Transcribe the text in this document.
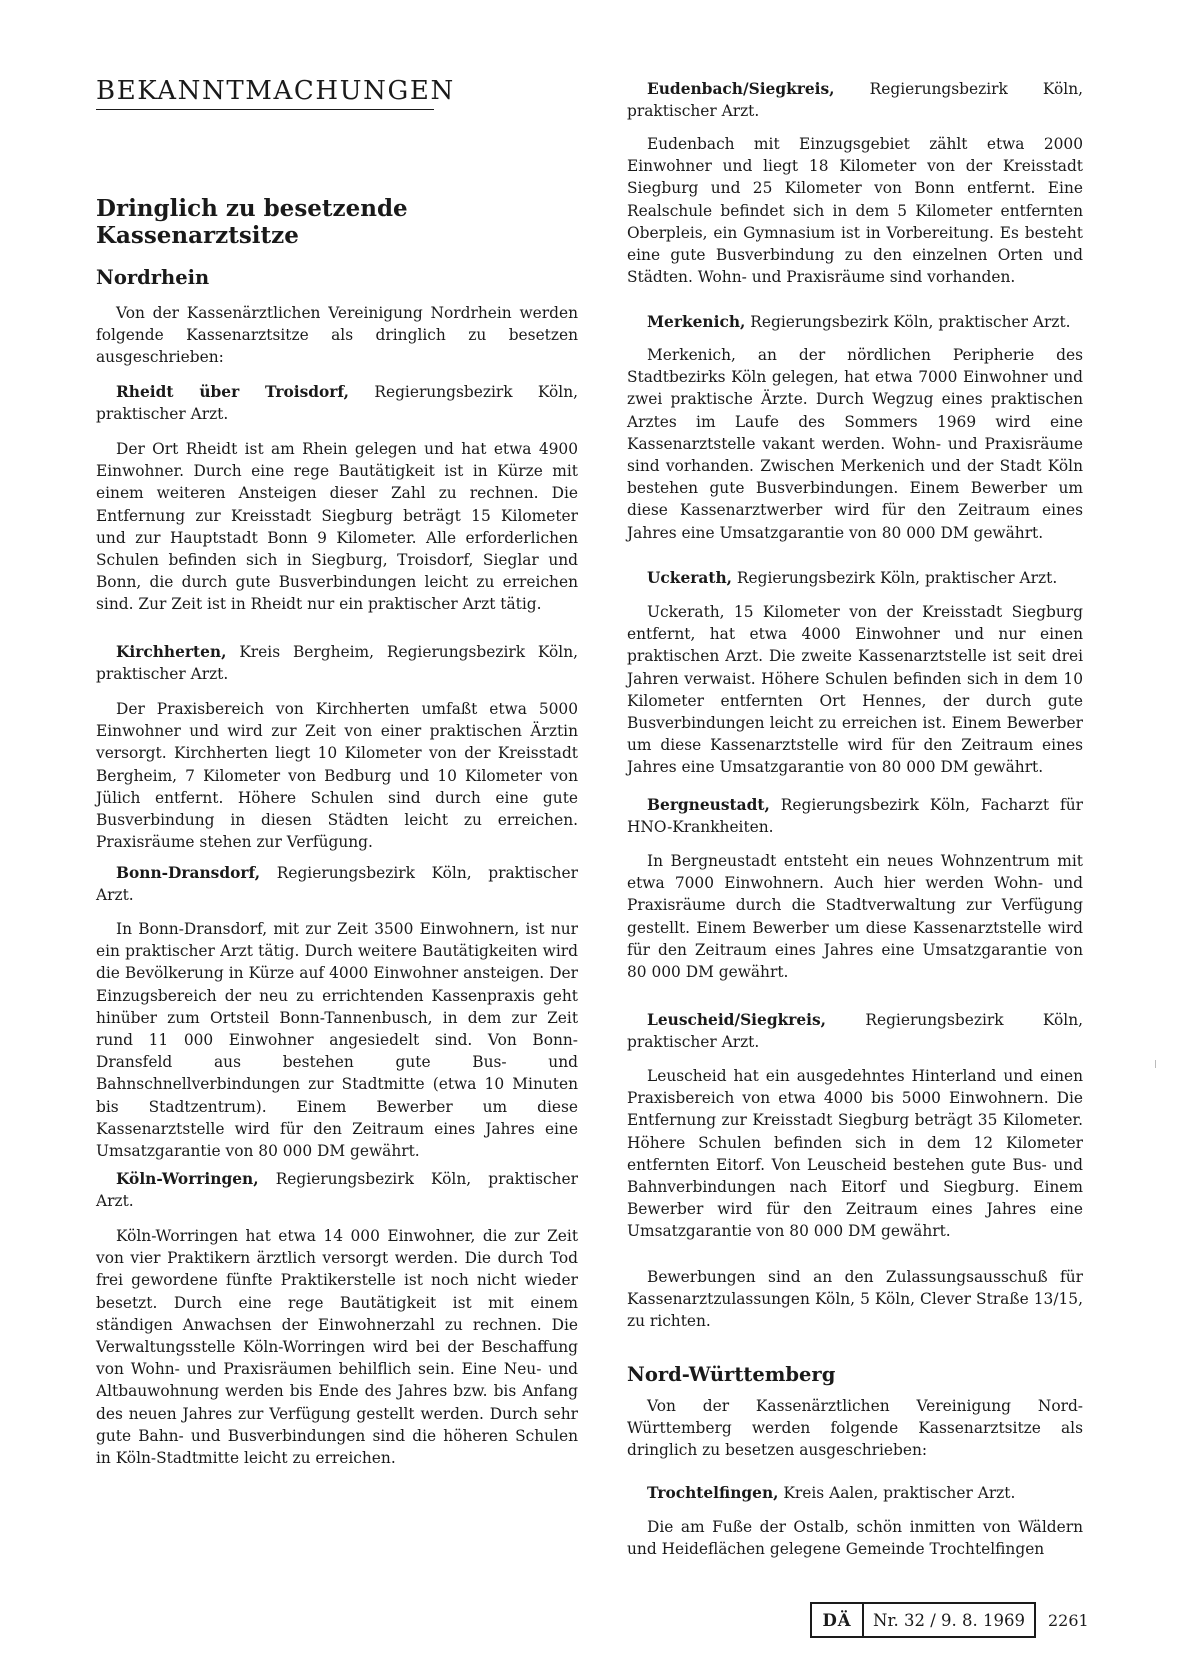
BEKANNTMACHUNGEN
Dringlich zu besetzende
Kassenarztsitze
Nordrhein

Von der Kassenärztlichen Vereinigung Nordrhein werden folgende Kassenarztsitze als dringlich zu besetzen ausgeschrieben:

Rheidt über Troisdorf, Regierungsbezirk Köln, praktischer Arzt.

Der Ort Rheidt ist am Rhein gelegen und hat etwa 4900 Einwohner. Durch eine rege Bautätigkeit ist in Kürze mit einem weiteren Ansteigen dieser Zahl zu rechnen. Die Entfernung zur Kreisstadt Siegburg beträgt 15 Kilometer und zur Hauptstadt Bonn 9 Kilometer. Alle erforderlichen Schulen befinden sich in Siegburg, Troisdorf, Sieglar und Bonn, die durch gute Busverbindungen leicht zu erreichen sind. Zur Zeit ist in Rheidt nur ein praktischer Arzt tätig.

Kirchherten, Kreis Bergheim, Regierungsbezirk Köln, praktischer Arzt.

Der Praxisbereich von Kirchherten umfaßt etwa 5000 Einwohner und wird zur Zeit von einer praktischen Ärztin versorgt. Kirchherten liegt 10 Kilometer von der Kreisstadt Bergheim, 7 Kilometer von Bedburg und 10 Kilometer von Jülich entfernt. Höhere Schulen sind durch eine gute Busverbindung in diesen Städten leicht zu erreichen. Praxisräume stehen zur Verfügung.

Bonn-Dransdorf, Regierungsbezirk Köln, praktischer Arzt.

In Bonn-Dransdorf, mit zur Zeit 3500 Einwohnern, ist nur ein praktischer Arzt tätig. Durch weitere Bautätigkeiten wird die Bevölkerung in Kürze auf 4000 Einwohner ansteigen. Der Einzugsbereich der neu zu errichtenden Kassenpraxis geht hinüber zum Ortsteil Bonn-Tannenbusch, in dem zur Zeit rund 11 000 Einwohner angesiedelt sind. Von Bonn-Dransfeld aus bestehen gute Bus- und Bahnschnellverbindungen zur Stadtmitte (etwa 10 Minuten bis Stadtzentrum). Einem Bewerber um diese Kassenarztstelle wird für den Zeitraum eines Jahres eine Umsatzgarantie von 80 000 DM gewährt.

Köln-Worringen, Regierungsbezirk Köln, praktischer Arzt.

Köln-Worringen hat etwa 14 000 Einwohner, die zur Zeit von vier Praktikern ärztlich versorgt werden. Die durch Tod frei gewordene fünfte Praktikerstelle ist noch nicht wieder besetzt. Durch eine rege Bautätigkeit ist mit einem ständigen Anwachsen der Einwohnerzahl zu rechnen. Die Verwaltungsstelle Köln-Worringen wird bei der Beschaffung von Wohn- und Praxisräumen behilflich sein. Eine Neu- und Altbauwohnung werden bis Ende des Jahres bzw. bis Anfang des neuen Jahres zur Verfügung gestellt werden. Durch sehr gute Bahn- und Busverbindungen sind die höheren Schulen in Köln-Stadtmitte leicht zu erreichen.

Eudenbach/Siegkreis, Regierungsbezirk Köln, praktischer Arzt.

Eudenbach mit Einzugsgebiet zählt etwa 2000 Einwohner und liegt 18 Kilometer von der Kreisstadt Siegburg und 25 Kilometer von Bonn entfernt. Eine Realschule befindet sich in dem 5 Kilometer entfernten Oberpleis, ein Gymnasium ist in Vorbereitung. Es besteht eine gute Busverbindung zu den einzelnen Orten und Städten. Wohn- und Praxisräume sind vorhanden.

Merkenich, Regierungsbezirk Köln, praktischer Arzt.

Merkenich, an der nördlichen Peripherie des Stadtbezirks Köln gelegen, hat etwa 7000 Einwohner und zwei praktische Ärzte. Durch Wegzug eines praktischen Arztes im Laufe des Sommers 1969 wird eine Kassenarztstelle vakant werden. Wohn- und Praxisräume sind vorhanden. Zwischen Merkenich und der Stadt Köln bestehen gute Busverbindungen. Einem Bewerber um diese Kassenarztwerber wird für den Zeitraum eines Jahres eine Umsatzgarantie von 80 000 DM gewährt.

Uckerath, Regierungsbezirk Köln, praktischer Arzt.

Uckerath, 15 Kilometer von der Kreisstadt Siegburg entfernt, hat etwa 4000 Einwohner und nur einen praktischen Arzt. Die zweite Kassenarztstelle ist seit drei Jahren verwaist. Höhere Schulen befinden sich in dem 10 Kilometer entfernten Ort Hennes, der durch gute Busverbindungen leicht zu erreichen ist. Einem Bewerber um diese Kassenarztstelle wird für den Zeitraum eines Jahres eine Umsatzgarantie von 80 000 DM gewährt.

Bergneustadt, Regierungsbezirk Köln, Facharzt für HNO-Krankheiten.

In Bergneustadt entsteht ein neues Wohnzentrum mit etwa 7000 Einwohnern. Auch hier werden Wohn- und Praxisräume durch die Stadtverwaltung zur Verfügung gestellt. Einem Bewerber um diese Kassenarztstelle wird für den Zeitraum eines Jahres eine Umsatzgarantie von 80 000 DM gewährt.

Leuscheid/Siegkreis, Regierungsbezirk Köln, praktischer Arzt.

Leuscheid hat ein ausgedehntes Hinterland und einen Praxisbereich von etwa 4000 bis 5000 Einwohnern. Die Entfernung zur Kreisstadt Siegburg beträgt 35 Kilometer. Höhere Schulen befinden sich in dem 12 Kilometer entfernten Eitorf. Von Leuscheid bestehen gute Bus- und Bahnverbindungen nach Eitorf und Siegburg. Einem Bewerber wird für den Zeitraum eines Jahres eine Umsatzgarantie von 80 000 DM gewährt.

Bewerbungen sind an den Zulassungsausschuß für Kassenarztzulassungen Köln, 5 Köln, Clever Straße 13/15, zu richten.

Nord-Württemberg

Von der Kassenärztlichen Vereinigung Nord-Württemberg werden folgende Kassenarztsitze als dringlich zu besetzen ausgeschrieben:

Trochtelfingen, Kreis Aalen, praktischer Arzt.

Die am Fuße der Ostalb, schön inmitten von Wäldern und Heideflächen gelegene Gemeinde Trochtelfingen

DÄ	Nr. 32 / 9. 8. 1969	2261
